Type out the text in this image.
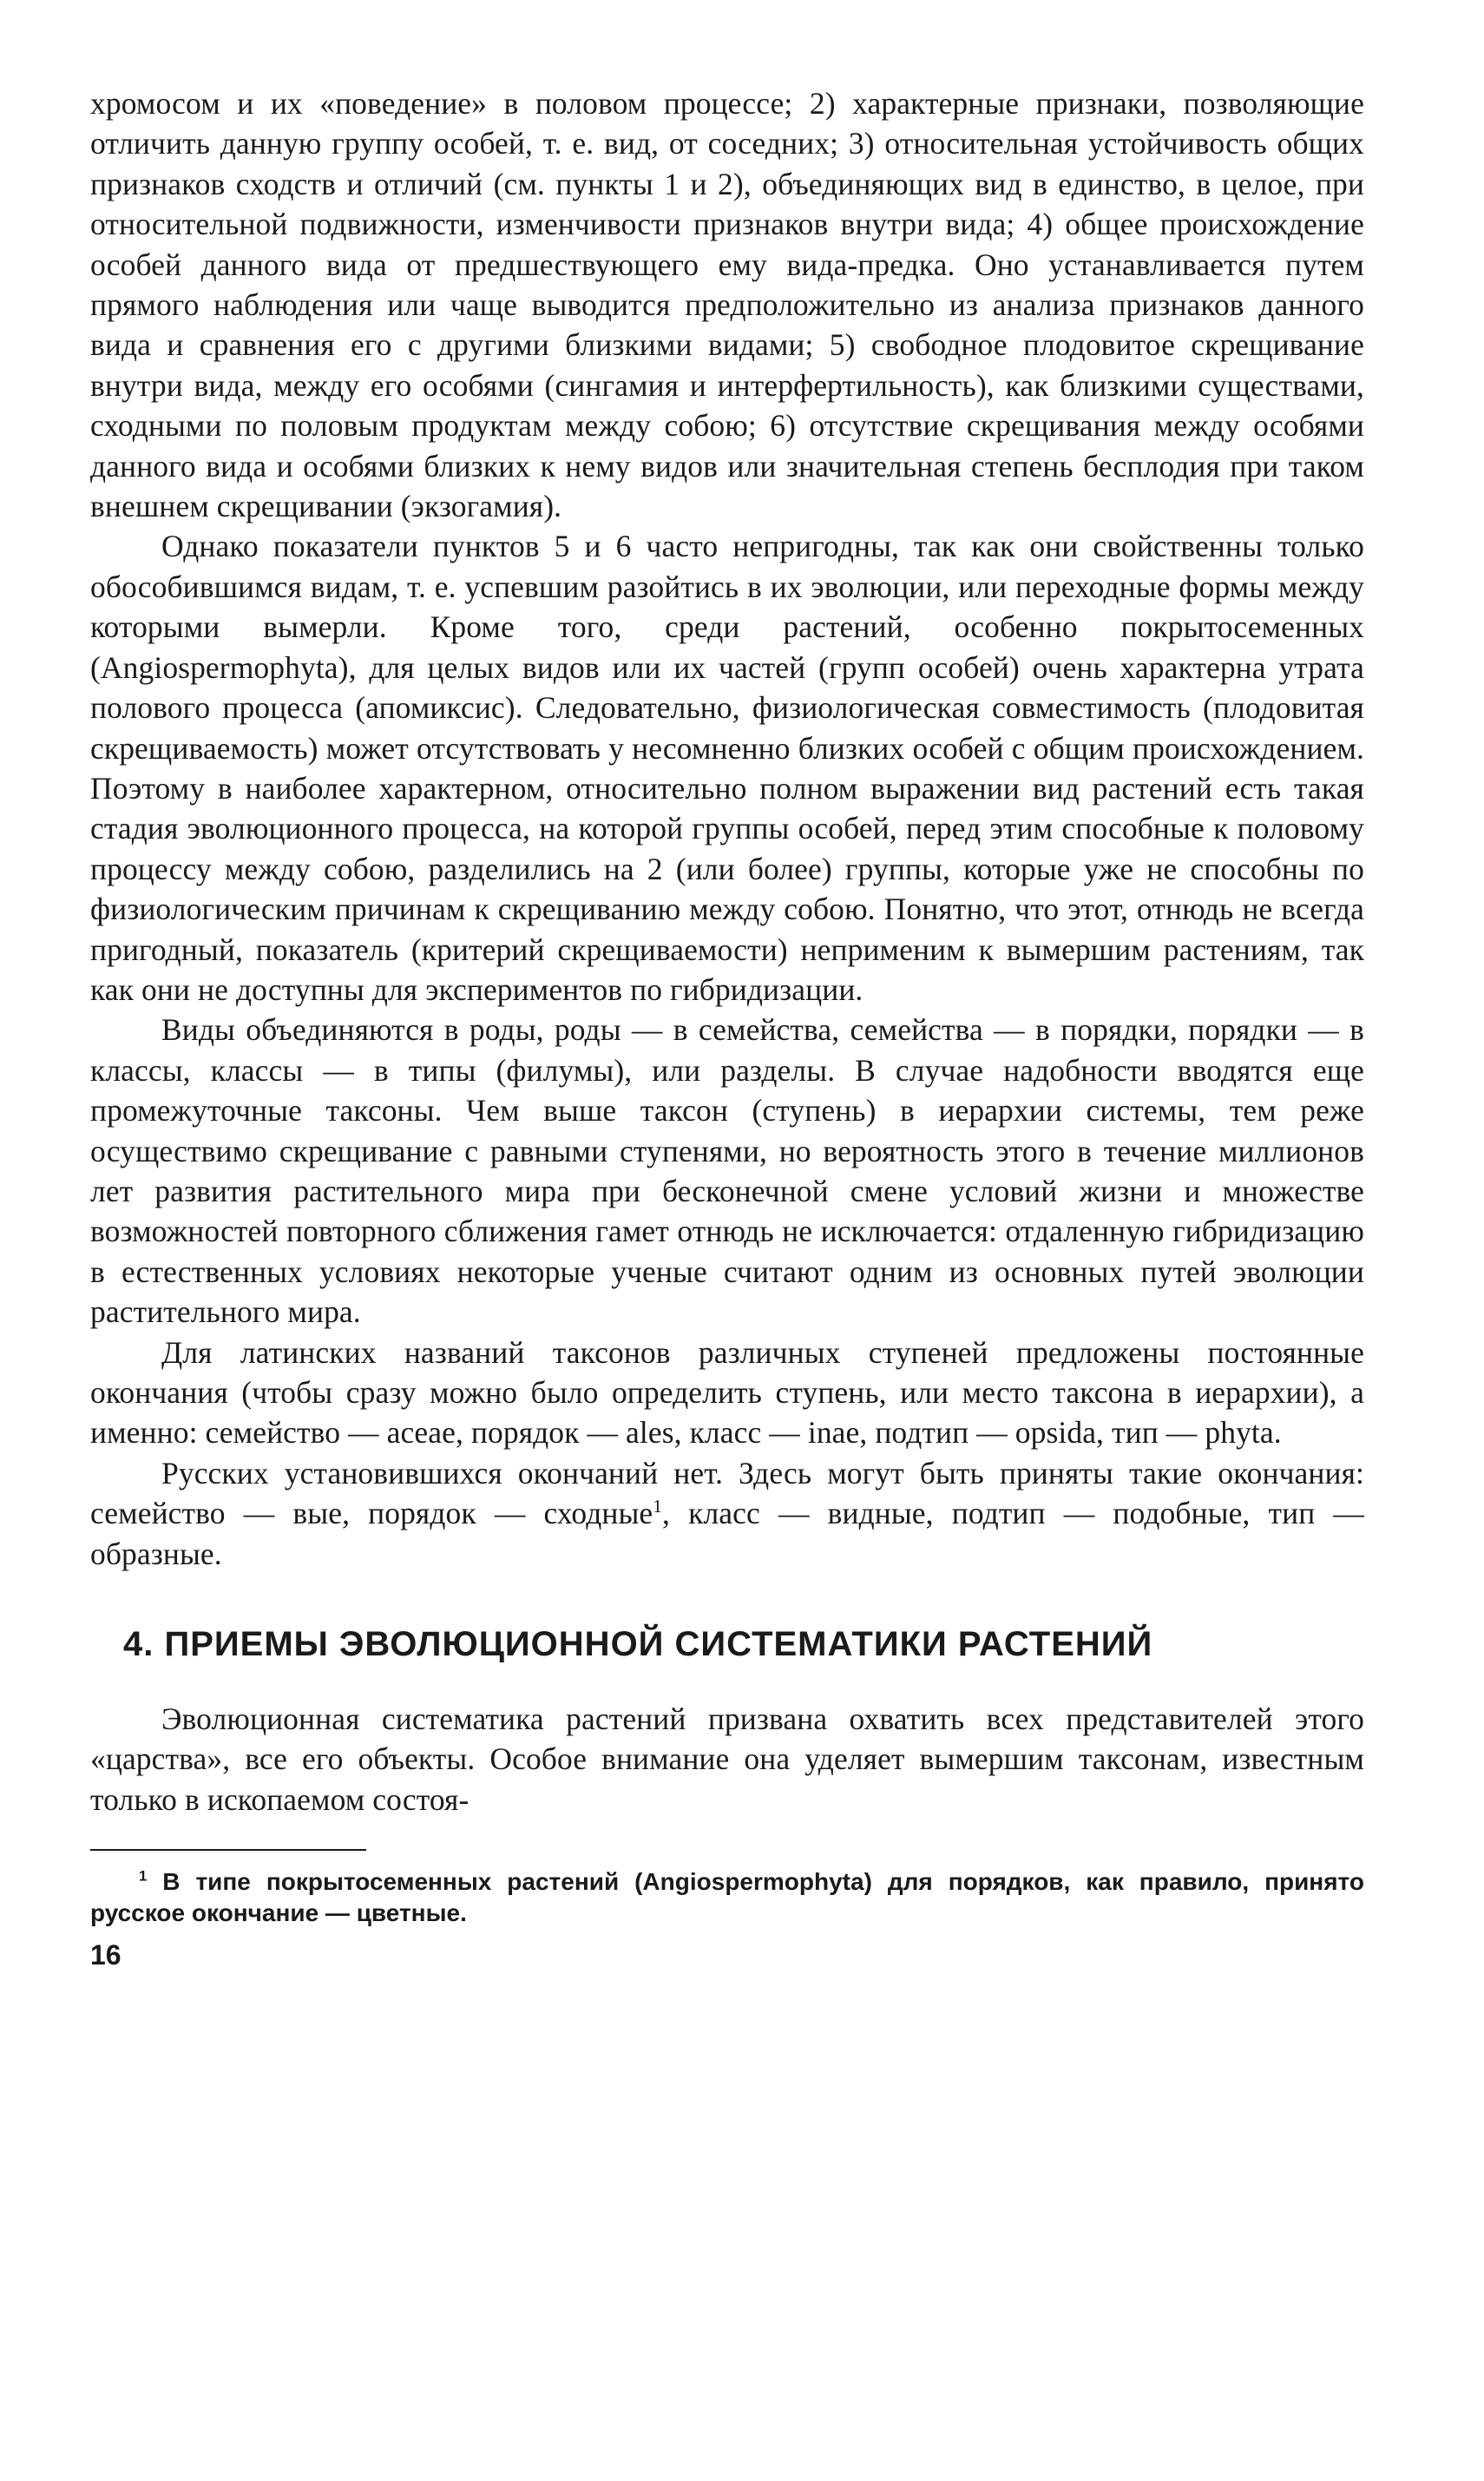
хромосом и их «поведение» в половом процессе; 2) характерные признаки, позволяющие отличить данную группу особей, т. е. вид, от соседних; 3) относительная устойчивость общих признаков сходств и отличий (см. пункты 1 и 2), объединяющих вид в единство, в целое, при относительной подвижности, изменчивости признаков внутри вида; 4) общее происхождение особей данного вида от предшествующего ему вида-предка. Оно устанавливается путем прямого наблюдения или чаще выводится предположительно из анализа признаков данного вида и сравнения его с другими близкими видами; 5) свободное плодовитое скрещивание внутри вида, между его особями (сингамия и интерфертильность), как близкими существами, сходными по половым продуктам между собою; 6) отсутствие скрещивания между особями данного вида и особями близких к нему видов или значительная степень бесплодия при таком внешнем скрещивании (экзогамия).

Однако показатели пунктов 5 и 6 часто непригодны, так как они свойственны только обособившимся видам, т. е. успевшим разойтись в их эволюции, или переходные формы между которыми вымерли. Кроме того, среди растений, особенно покрытосеменных (Angiospermophyta), для целых видов или их частей (групп особей) очень характерна утрата полового процесса (апомиксис). Следовательно, физиологическая совместимость (плодовитая скрещиваемость) может отсутствовать у несомненно близких особей с общим происхождением. Поэтому в наиболее характерном, относительно полном выражении вид растений есть такая стадия эволюционного процесса, на которой группы особей, перед этим способные к половому процессу между собою, разделились на 2 (или более) группы, которые уже не способны по физиологическим причинам к скрещиванию между собою. Понятно, что этот, отнюдь не всегда пригодный, показатель (критерий скрещиваемости) неприменим к вымершим растениям, так как они не доступны для экспериментов по гибридизации.

Виды объединяются в роды, роды — в семейства, семейства — в порядки, порядки — в классы, классы — в типы (филумы), или разделы. В случае надобности вводятся еще промежуточные таксоны. Чем выше таксон (ступень) в иерархии системы, тем реже осуществимо скрещивание с равными ступенями, но вероятность этого в течение миллионов лет развития растительного мира при бесконечной смене условий жизни и множестве возможностей повторного сближения гамет отнюдь не исключается: отдаленную гибридизацию в естественных условиях некоторые ученые считают одним из основных путей эволюции растительного мира.

Для латинских названий таксонов различных ступеней предложены постоянные окончания (чтобы сразу можно было определить ступень, или место таксона в иерархии), а именно: семейство — aceae, порядок — ales, класс — inae, подтип — opsida, тип — phyta.

Русских установившихся окончаний нет. Здесь могут быть приняты такие окончания: семейство — вые, порядок — сходные$^1$, класс — видные, подтип — подобные, тип — образные.

4. ПРИЕМЫ ЭВОЛЮЦИОННОЙ СИСТЕМАТИКИ РАСТЕНИЙ

Эволюционная систематика растений призвана охватить всех представителей этого «царства», все его объекты. Особое внимание она уделяет вымершим таксонам, известным только в ископаемом состоя-

$^1$ В типе покрытосеменных растений (Angiospermophyta) для порядков, как правило, принято русское окончание — цветные.

16
